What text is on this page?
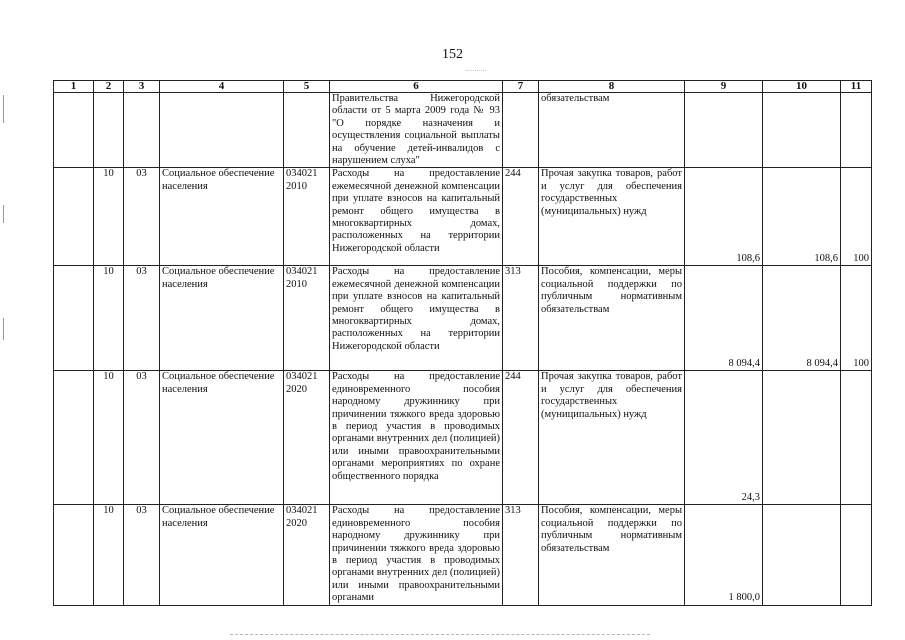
152
1	2	3	4	5	6	7	8	9	10	11

					Правительства Нижегородской области от 5 марта 2009 года № 93 "О порядке назначения и осуществления социальной выплаты на обучение детей-инвалидов с нарушением слуха"		обязательствам			

	10	03	Социальное обеспечение населения	034021 2010	Расходы на предоставление ежемесячной денежной компенсации при уплате взносов на капитальный ремонт общего имущества в многоквартирных домах, расположенных на территории Нижегородской области	244	Прочая закупка товаров, работ и услуг для обеспечения государственных (муниципальных) нужд	108,6	108,6	100
	10	03	Социальное обеспечение населения	034021 2010	Расходы на предоставление ежемесячной денежной компенсации при уплате взносов на капитальный ремонт общего имущества в многоквартирных домах, расположенных на территории Нижегородской области	313	Пособия, компенсации, меры социальной поддержки по публичным нормативным обязательствам	8 094,4	8 094,4	100
	10	03	Социальное обеспечение населения	034021 2020	Расходы на предоставление единовременного пособия народному дружиннику при причинении тяжкого вреда здоровью в период участия в проводимых органами внутренних дел (полицией) или иными правоохранительными органами мероприятиях по охране общественного порядка	244	Прочая закупка товаров, работ и услуг для обеспечения государственных (муниципальных) нужд	24,3		
	10	03	Социальное обеспечение населения	034021 2020	Расходы на предоставление единовременного пособия народному дружиннику при причинении тяжкого вреда здоровью в период участия в проводимых органами внутренних дел (полицией) или иными правоохранительными органами	313	Пособия, компенсации, меры социальной поддержки по публичным нормативным обязательствам	1 800,0		
